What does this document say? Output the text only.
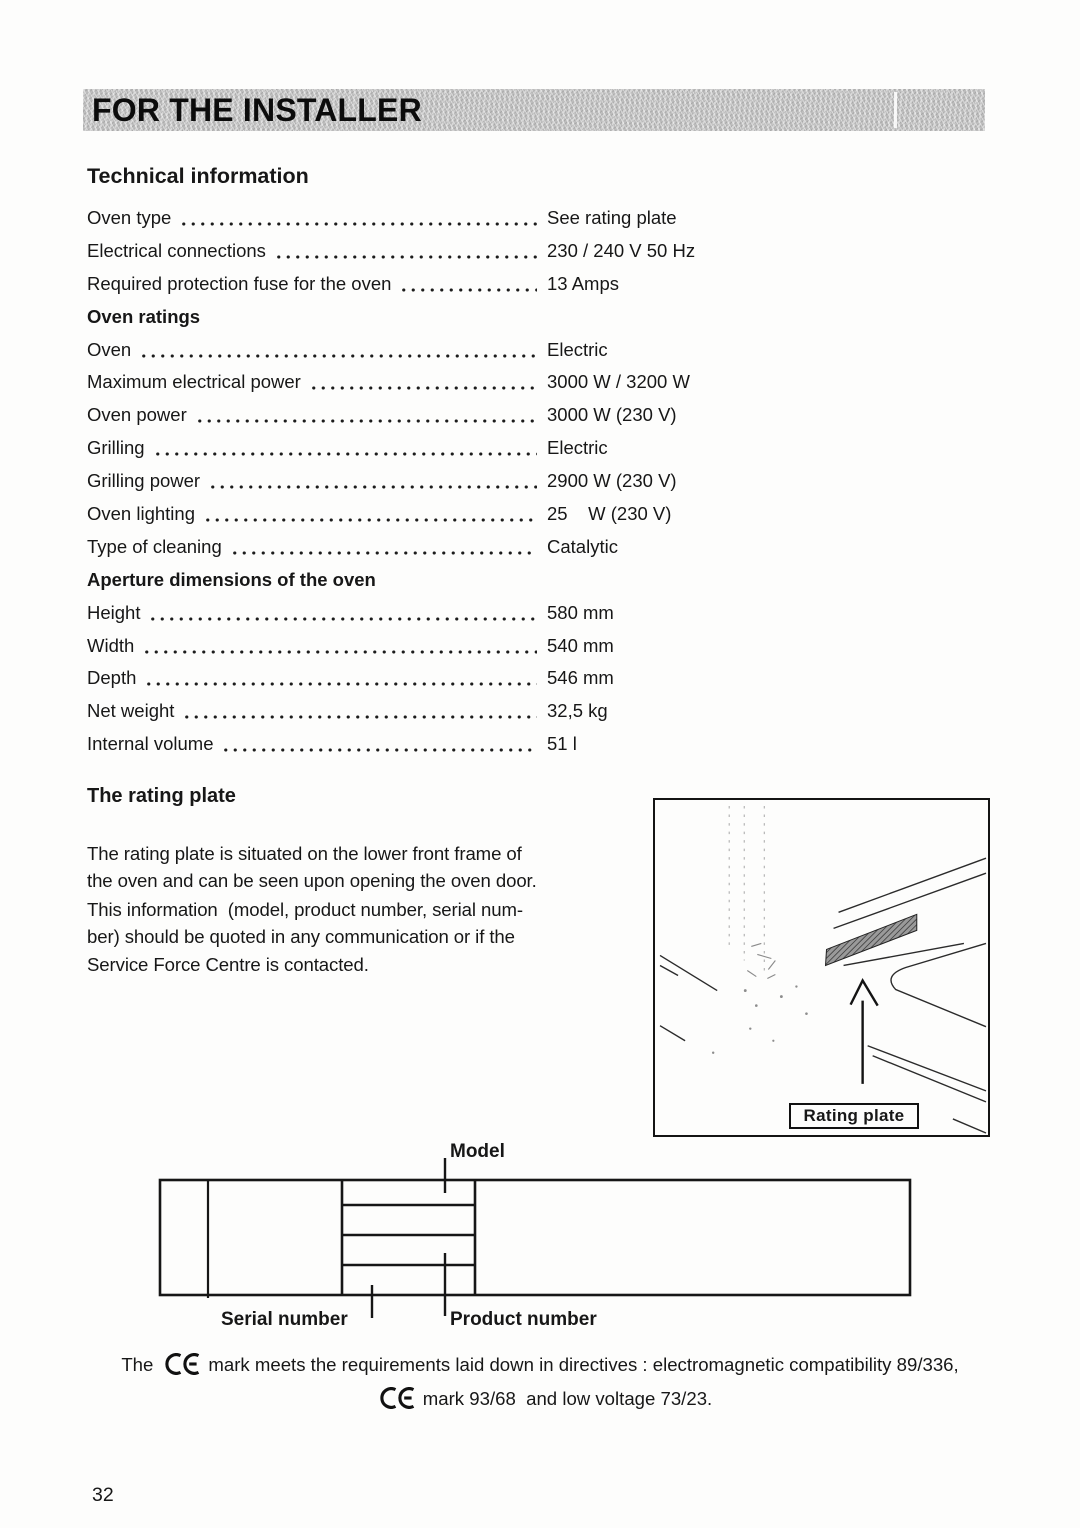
FOR THE INSTALLER
Technical information
Oven type	See rating plate
Electrical connections	230 / 240 V 50 Hz
Required protection fuse for the oven	13 Amps
Oven ratings
Oven	Electric
Maximum electrical power	3000 W / 3200 W
Oven power	3000 W (230 V)
Grilling	Electric
Grilling power	2900 W (230 V)
Oven lighting	25    W (230 V)
Type of cleaning	Catalytic
Aperture dimensions of the oven
Height	580 mm
Width	540 mm
Depth	546 mm
Net weight	32,5 kg
Internal volume	51 l
The rating plate
The rating plate is situated on the lower front frame of
the oven and can be seen upon opening the oven door.
This information  (model, product number, serial num-
ber) should be quoted in any communication or if the
Service Force Centre is contacted.
Rating plate
Model
Serial number	Product number
The	mark meets the requirements laid down in directives : electromagnetic compatibility 89/336,
mark 93/68  and low voltage 73/23.
32
